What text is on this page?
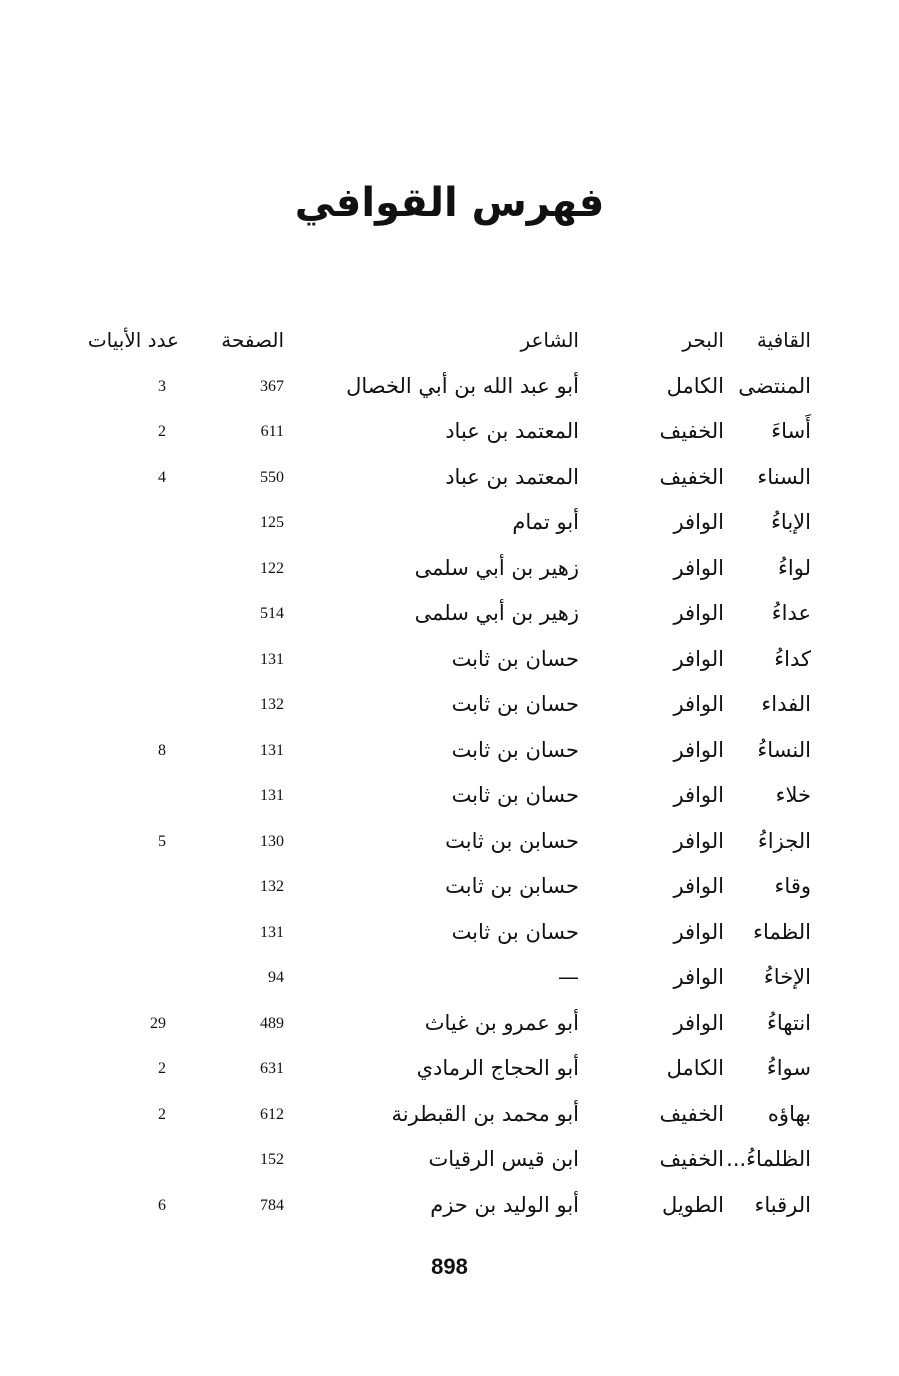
فهرس القوافي
القافية
البحر
الشاعر
الصفحة
عدد الأبيات
المنتضى
الكامل
أبو عبد الله بن أبي الخصال
367
3
أَساءَ
الخفيف
المعتمد بن عباد
611
2
السناء
الخفيف
المعتمد بن عباد
550
4
الإباءُ
الوافر
أبو تمام
125
لواءُ
الوافر
زهير بن أبي سلمى
122
عداءُ
الوافر
زهير بن أبي سلمى
514
كداءُ
الوافر
حسان بن ثابت
131
الفداء
الوافر
حسان بن ثابت
132
النساءُ
الوافر
حسان بن ثابت
131
8
خلاء
الوافر
حسان بن ثابت
131
الجزاءُ
الوافر
حسابن بن ثابت
130
5
وقاء
الوافر
حسابن بن ثابت
132
الظماء
الوافر
حسان بن ثابت
131
الإخاءُ
الوافر
—
94
انتهاءُ
الوافر
أبو عمرو بن غياث
489
29
سواءُ
الكامل
أبو الحجاج الرمادي
631
2
بهاؤه
الخفيف
أبو محمد بن القبطرنة
612
2
الظلماءُ...
الخفيف
ابن قيس الرقيات
152
الرقباء
الطويل
أبو الوليد بن حزم
784
6
898
